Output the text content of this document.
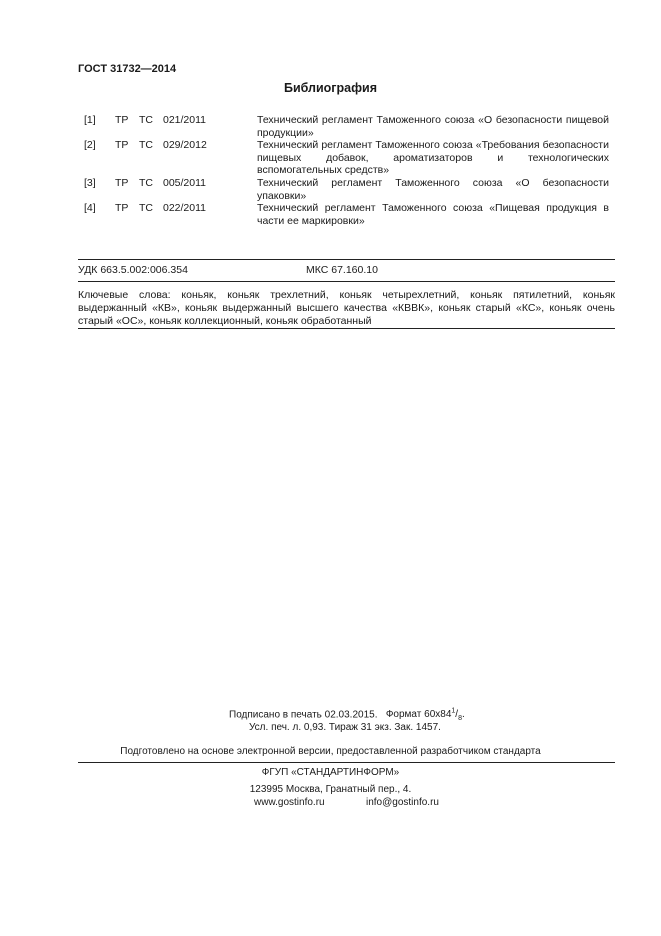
ГОСТ 31732—2014
Библиография
[1] ТР ТС 021/2011	Технический регламент Таможенного союза «О безопасности пищевой продукции»
[2] ТР ТС 029/2012	Технический регламент Таможенного союза «Требования безопасности пищевых добавок, ароматизаторов и технологических вспомогательных средств»
[3] ТР ТС 005/2011	Технический регламент Таможенного союза «О безопасности упаковки»
[4] ТР ТС 022/2011	Технический регламент Таможенного союза «Пищевая продукция в части ее маркировки»
УДК 663.5.002:006.354	МКС 67.160.10
Ключевые слова: коньяк, коньяк трехлетний, коньяк четырехлетний, коньяк пятилетний, коньяк выдержанный «КВ», коньяк выдержанный высшего качества «КВВК», коньяк старый «КС», коньяк очень старый «ОС», коньяк коллекционный, коньяк обработанный
Подписано в печать 02.03.2015. Формат $60x84^1/_8$.
Усл. печ. л. 0,93. Тираж 31 экз. Зак. 1457.
Подготовлено на основе электронной версии, предоставленной разработчиком стандарта
ФГУП «СТАНДАРТИНФОРМ»
123995 Москва, Гранатный пер., 4.
www.gostinfo.ru	info@gostinfo.ru
